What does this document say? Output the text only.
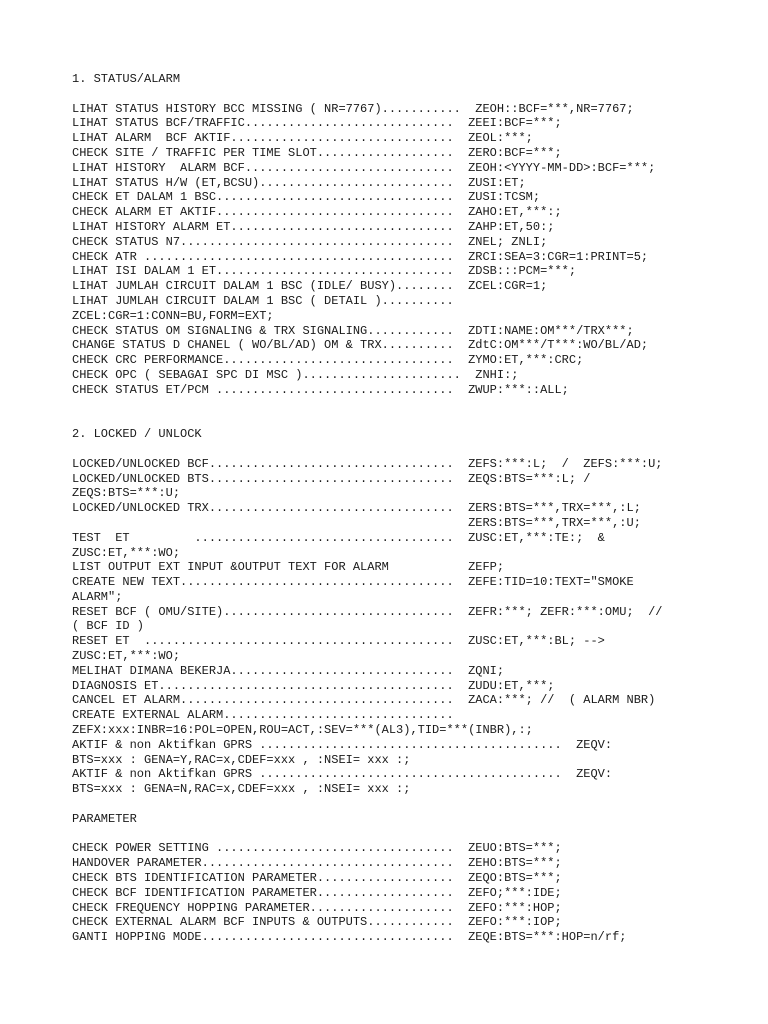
1. STATUS/ALARM
LIHAT STATUS HISTORY BCC MISSING ( NR=7767)...........  ZEOH::BCF=***,NR=7767;
LIHAT STATUS BCF/TRAFFIC.............................  ZEEI:BCF=***;
LIHAT ALARM  BCF AKTIF...............................  ZEOL:***;
CHECK SITE / TRAFFIC PER TIME SLOT...................  ZERO:BCF=***;
LIHAT HISTORY  ALARM BCF.............................  ZEOH:<YYYY-MM-DD>:BCF=***;
LIHAT STATUS H/W (ET,BCSU)...........................  ZUSI:ET;
CHECK ET DALAM 1 BSC.................................  ZUSI:TCSM;
CHECK ALARM ET AKTIF.................................  ZAHO:ET,***:;
LIHAT HISTORY ALARM ET...............................  ZAHP:ET,50:;
CHECK STATUS N7......................................  ZNEL; ZNLI;
CHECK ATR ...........................................  ZRCI:SEA=3:CGR=1:PRINT=5;
LIHAT ISI DALAM 1 ET.................................  ZDSB:::PCM=***;
LIHAT JUMLAH CIRCUIT DALAM 1 BSC (IDLE/ BUSY)........  ZCEL:CGR=1;
LIHAT JUMLAH CIRCUIT DALAM 1 BSC ( DETAIL )..........
ZCEL:CGR=1:CONN=BU,FORM=EXT;
CHECK STATUS OM SIGNALING & TRX SIGNALING............  ZDTI:NAME:OM***/TRX***;
CHANGE STATUS D CHANEL ( WO/BL/AD) OM & TRX..........  ZdtC:OM***/T***:WO/BL/AD;
CHECK CRC PERFORMANCE................................  ZYMO:ET,***:CRC;
CHECK OPC ( SEBAGAI SPC DI MSC )......................  ZNHI:;
CHECK STATUS ET/PCM .................................  ZWUP:***::ALL;
2. LOCKED / UNLOCK
LOCKED/UNLOCKED BCF..................................  ZEFS:***:L;  /  ZEFS:***:U;
LOCKED/UNLOCKED BTS..................................  ZEQS:BTS=***:L; /
ZEQS:BTS=***:U;
LOCKED/UNLOCKED TRX..................................  ZERS:BTS=***,TRX=***,:L;
ZERS:BTS=***,TRX=***,:U;
TEST  ET         ....................................  ZUSC:ET,***:TE:;  &
ZUSC:ET,***:WO;
LIST OUTPUT EXT INPUT &OUTPUT TEXT FOR ALARM           ZEFP;
CREATE NEW TEXT......................................  ZEFE:TID=10:TEXT="SMOKE
ALARM";
RESET BCF ( OMU/SITE)................................  ZEFR:***; ZEFR:***:OMU;  //
( BCF ID )
RESET ET  ...........................................  ZUSC:ET,***:BL; -->
ZUSC:ET,***:WO;
MELIHAT DIMANA BEKERJA...............................  ZQNI;
DIAGNOSIS ET.........................................  ZUDU:ET,***;
CANCEL ET ALARM......................................  ZACA:***; //  ( ALARM NBR)
CREATE EXTERNAL ALARM................................
ZEFX:xxx:INBR=16:POL=OPEN,ROU=ACT,:SEV=***(AL3),TID=***(INBR),:;
AKTIF & non Aktifkan GPRS ..........................................  ZEQV:
BTS=xxx : GENA=Y,RAC=x,CDEF=xxx , :NSEI= xxx :;
AKTIF & non Aktifkan GPRS ..........................................  ZEQV:
BTS=xxx : GENA=N,RAC=x,CDEF=xxx , :NSEI= xxx :;
PARAMETER
CHECK POWER SETTING .................................  ZEUO:BTS=***;
HANDOVER PARAMETER...................................  ZEHO:BTS=***;
CHECK BTS IDENTIFICATION PARAMETER...................  ZEQO:BTS=***;
CHECK BCF IDENTIFICATION PARAMETER...................  ZEFO;***:IDE;
CHECK FREQUENCY HOPPING PARAMETER....................  ZEFO:***:HOP;
CHECK EXTERNAL ALARM BCF INPUTS & OUTPUTS............  ZEFO:***:IOP;
GANTI HOPPING MODE...................................  ZEQE:BTS=***:HOP=n/rf;
